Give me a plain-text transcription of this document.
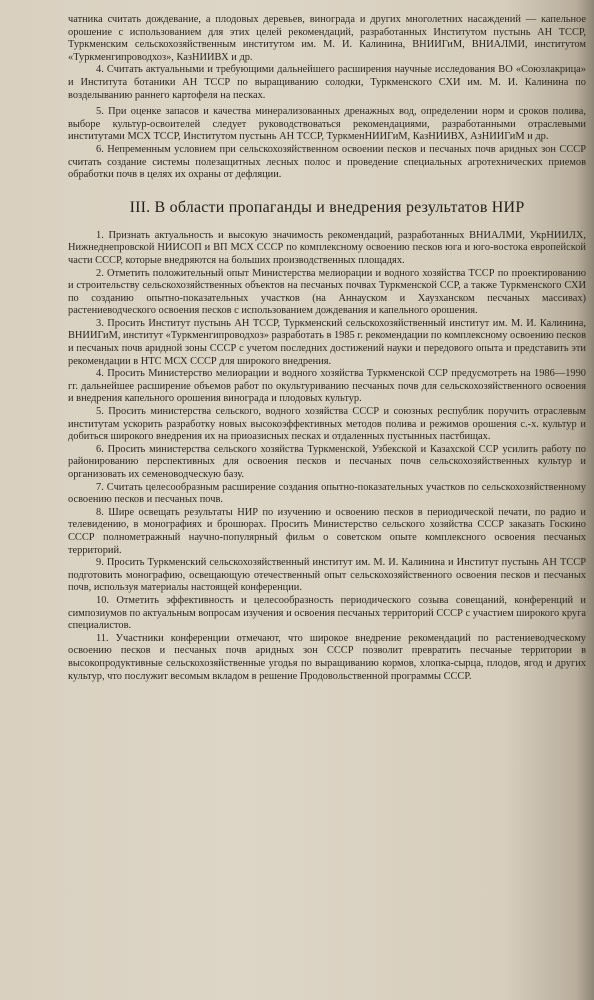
чатника считать дождевание, а плодовых деревьев, винограда и других многолетних насаждений — капельное орошение с использованием для этих целей рекомендаций, разработанных Институтом пустынь АН ТССР, Туркменским сельскохозяйственным институтом им. М. И. Калинина, ВНИИГиМ, ВНИАЛМИ, институтом «Туркменгипроводхоз», КазНИИВХ и др.

4. Считать актуальными и требующими дальнейшего расширения научные исследования ВО «Союзлакрица» и Института ботаники АН ТССР по выращиванию солодки, Туркменского СХИ им. М. И. Калинина по возделыванию раннего картофеля на песках.

5. При оценке запасов и качества минерализованных дренажных вод, определении норм и сроков полива, выборе культур-освоителей следует руководствоваться рекомендациями, разработанными отраслевыми институтами МСХ ТССР, Институтом пустынь АН ТССР, ТуркменНИИГиМ, КазНИИВХ, АзНИИГиМ и др.

6. Непременным условием при сельскохозяйственном освоении песков и песчаных почв аридных зон СССР считать создание системы полезащитных лесных полос и проведение специальных агротехнических приемов обработки почв в целях их охраны от дефляции.

III. В области пропаганды и внедрения результатов НИР

1. Признать актуальность и высокую значимость рекомендаций, разработанных ВНИАЛМИ, УкрНИИЛХ, Нижнеднепровской НИИСОП и ВП МСХ СССР по комплексному освоению песков юга и юго-востока европейской части СССР, которые внедряются на больших производственных площадях.

2. Отметить положительный опыт Министерства мелиорации и водного хозяйства ТССР по проектированию и строительству сельскохозяйственных объектов на песчаных почвах Туркменской ССР, а также Туркменского СХИ по созданию опытно-показательных участков (на Аннауском и Хаузханском песчаных массивах) растениеводческого освоения песков с использованием дождевания и капельного орошения.

3. Просить Институт пустынь АН ТССР, Туркменский сельскохозяйственный институт им. М. И. Калинина, ВНИИГиМ, институт «Туркменгипроводхоз» разработать в 1985 г. рекомендации по комплексному освоению песков и песчаных почв аридной зоны СССР с учетом последних достижений науки и передового опыта и представить эти рекомендации в НТС МСХ СССР для широкого внедрения.

4. Просить Министерство мелиорации и водного хозяйства Туркменской ССР предусмотреть на 1986—1990 гг. дальнейшее расширение объемов работ по окультуриванию песчаных почв для сельскохозяйственного освоения и внедрения капельного орошения винограда и плодовых культур.

5. Просить министерства сельского, водного хозяйства СССР и союзных республик поручить отраслевым институтам ускорить разработку новых высокоэффективных методов полива и режимов орошения с.-х. культур и добиться широкого внедрения их на приоазисных песках и отдаленных пустынных пастбищах.

6. Просить министерства сельского хозяйства Туркменской, Узбекской и Казахской ССР усилить работу по районированию перспективных для освоения песков и песчаных почв сельскохозяйственных культур и организовать их семеноводческую базу.

7. Считать целесообразным расширение создания опытно-показательных участков по сельскохозяйственному освоению песков и песчаных почв.

8. Шире освещать результаты НИР по изучению и освоению песков в периодической печати, по радио и телевидению, в монографиях и брошюрах. Просить Министерство сельского хозяйства СССР заказать Госкино СССР полнометражный научно-популярный фильм о советском опыте комплексного освоения песчаных территорий.

9. Просить Туркменский сельскохозяйственный институт им. М. И. Калинина и Институт пустынь АН ТССР подготовить монографию, освещающую отечественный опыт сельскохозяйственного освоения песков и песчаных почв, используя материалы настоящей конференции.

10. Отметить эффективность и целесообразность периодического созыва совещаний, конференций и симпозиумов по актуальным вопросам изучения и освоения песчаных территорий СССР с участием широкого круга специалистов.

11. Участники конференции отмечают, что широкое внедрение рекомендаций по растениеводческому освоению песков и песчаных почв аридных зон СССР позволит превратить песчаные территории в высокопродуктивные сельскохозяйственные угодья по выращиванию кормов, хлопка-сырца, плодов, ягод и других культур, что послужит весомым вкладом в решение Продовольственной программы СССР.
